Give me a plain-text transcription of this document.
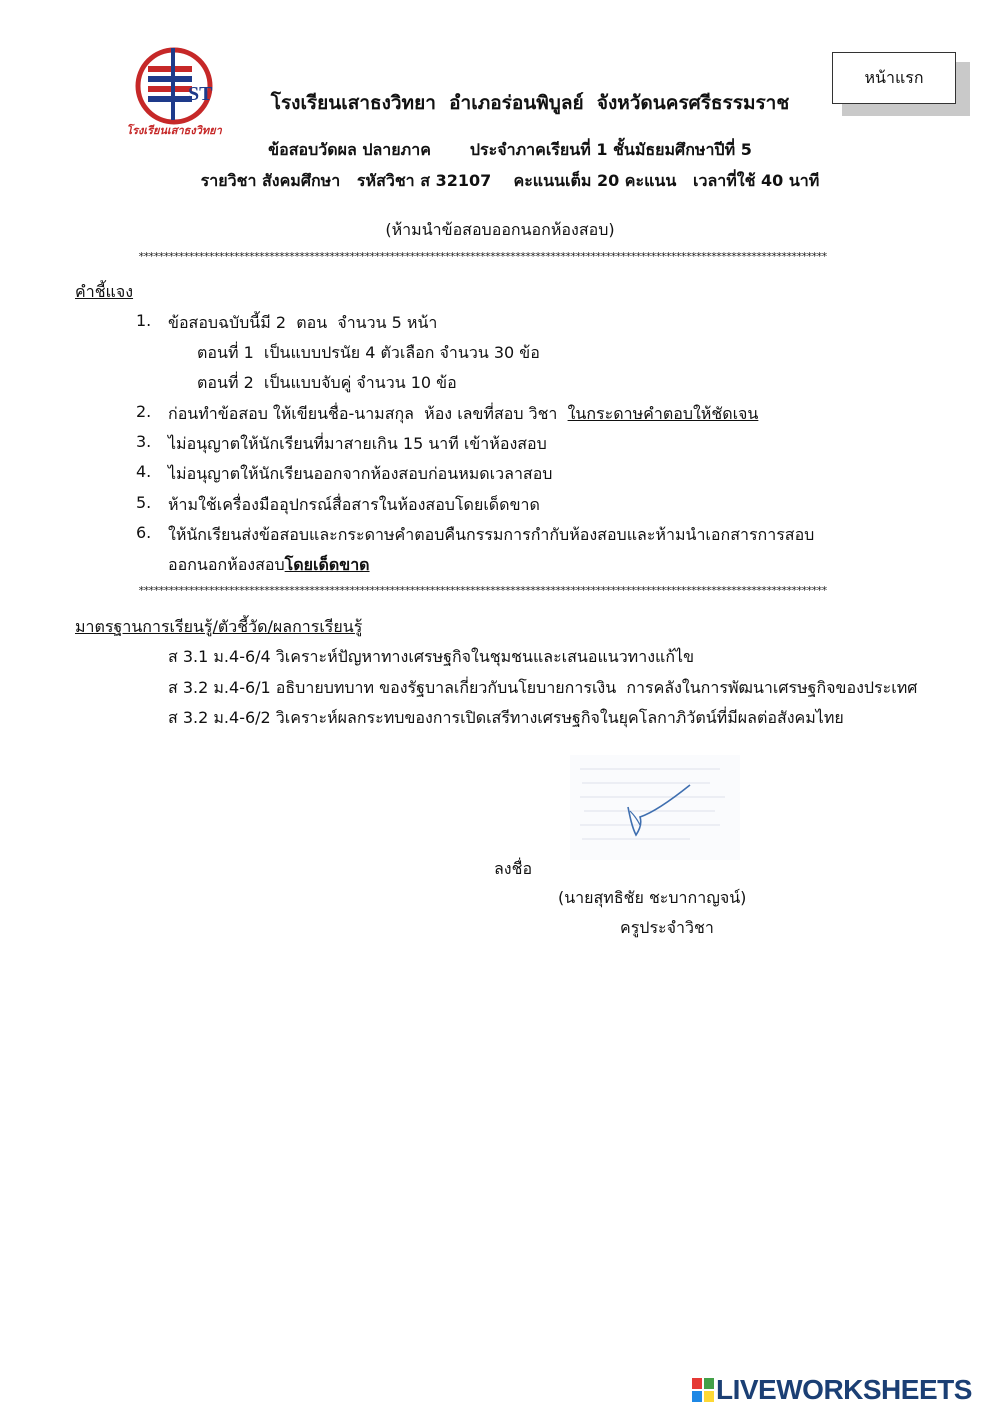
ST
โรงเรียนเสาธงวิทยา
หน้าแรก
โรงเรียนเสาธงวิทยา  อำเภอร่อนพิบูลย์  จังหวัดนครศรีธรรมราช
ข้อสอบวัดผล ปลายภาค       ประจำภาคเรียนที่ 1 ชั้นมัธยมศึกษาปีที่ 5
รายวิชา สังคมศึกษา   รหัสวิชา ส 32107    คะแนนเต็ม 20 คะแนน   เวลาที่ใช้ 40 นาที
(ห้ามนำข้อสอบออกนอกห้องสอบ)
*****************************************************************************************************************************************
คำชี้แจง
1.	ข้อสอบฉบับนี้มี 2  ตอน  จำนวน 5 หน้า
ตอนที่ 1  เป็นแบบปรนัย 4 ตัวเลือก จำนวน 30 ข้อ
ตอนที่ 2  เป็นแบบจับคู่ จำนวน 10 ข้อ
2.	ก่อนทำข้อสอบ ให้เขียนชื่อ-นามสกุล  ห้อง เลขที่สอบ วิชา  ในกระดาษคำตอบให้ชัดเจน
3.	ไม่อนุญาตให้นักเรียนที่มาสายเกิน 15 นาที เข้าห้องสอบ
4.	ไม่อนุญาตให้นักเรียนออกจากห้องสอบก่อนหมดเวลาสอบ
5.	ห้ามใช้เครื่องมืออุปกรณ์สื่อสารในห้องสอบโดยเด็ดขาด
6.	ให้นักเรียนส่งข้อสอบและกระดาษคำตอบคืนกรรมการกำกับห้องสอบและห้ามนำเอกสารการสอบ
ออกนอกห้องสอบโดยเด็ดขาด
*****************************************************************************************************************************************
มาตรฐานการเรียนรู้/ตัวชี้วัด/ผลการเรียนรู้
ส 3.1 ม.4-6/4 วิเคราะห์ปัญหาทางเศรษฐกิจในชุมชนและเสนอแนวทางแก้ไข
ส 3.2 ม.4-6/1 อธิบายบทบาท ของรัฐบาลเกี่ยวกับนโยบายการเงิน  การคลังในการพัฒนาเศรษฐกิจของประเทศ
ส 3.2 ม.4-6/2 วิเคราะห์ผลกระทบของการเปิดเสรีทางเศรษฐกิจในยุคโลกาภิวัตน์ที่มีผลต่อสังคมไทย
ลงชื่อ
(นายสุทธิชัย ชะบากาญจน์)
ครูประจำวิชา
LIVEWORKSHEETS
